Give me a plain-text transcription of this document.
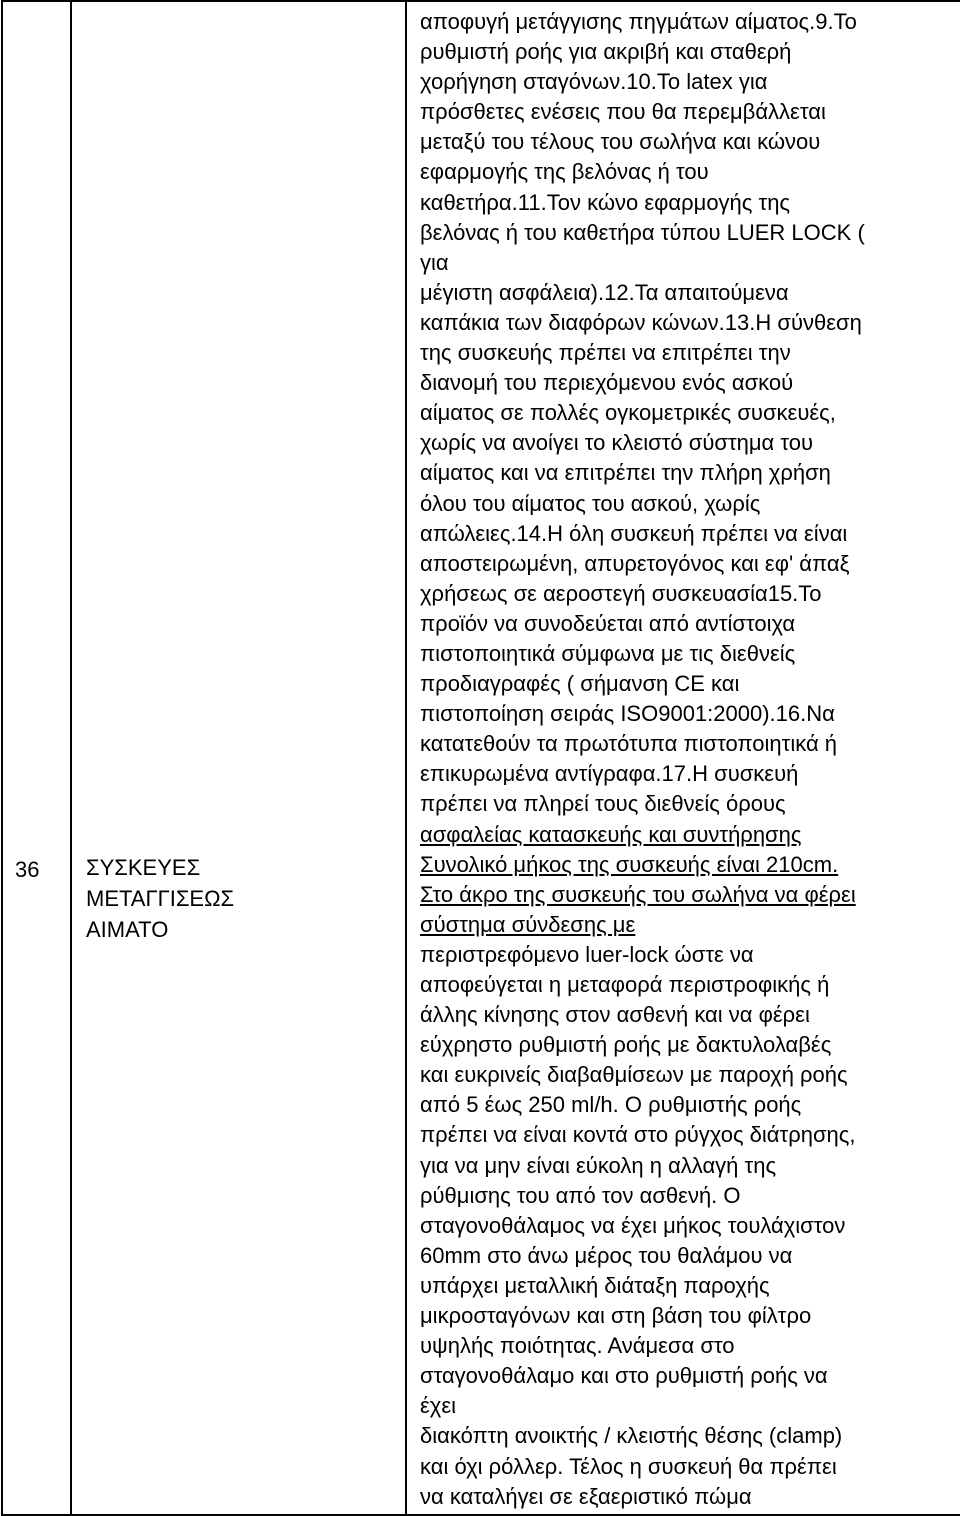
36	ΣΥΣΚΕΥΕΣ
ΜΕΤΑΓΓΙΣΕΩΣ
ΑΙΜΑΤΟ

αποφυγή μετάγγισης πηγμάτων αίματος.9.Το
ρυθμιστή ροής για ακριβή και σταθερή
χορήγηση σταγόνων.10.Το latex για
πρόσθετες ενέσεις που θα περεμβάλλεται
μεταξύ του τέλους του σωλήνα και κώνου
εφαρμογής της βελόνας ή του
καθετήρα.11.Τον κώνο εφαρμογής της
βελόνας ή του καθετήρα τύπου LUER LOCK (
για
μέγιστη ασφάλεια).12.Τα απαιτούμενα
καπάκια των διαφόρων κώνων.13.Η σύνθεση
της συσκευής πρέπει να επιτρέπει την
διανομή του περιεχόμενου ενός ασκού
αίματος σε πολλές ογκομετρικές συσκευές,
χωρίς να ανοίγει το κλειστό σύστημα του
αίματος και να επιτρέπει την πλήρη χρήση
όλου του αίματος του ασκού, χωρίς
απώλειες.14.Η όλη συσκευή πρέπει να είναι
αποστειρωμένη, απυρετογόνος και εφ' άπαξ
χρήσεως σε αεροστεγή συσκευασία15.Το
προϊόν να συνοδεύεται από αντίστοιχα
πιστοποιητικά σύμφωνα με τις διεθνείς
προδιαγραφές ( σήμανση CE και
πιστοποίηση σειράς ISO9001:2000).16.Να
κατατεθούν τα πρωτότυπα πιστοποιητικά ή
επικυρωμένα αντίγραφα.17.Η συσκευή
πρέπει να πληρεί τους διεθνείς όρους
ασφαλείας κατασκευής και συντήρησης
Συνολικό μήκος της συσκευής είναι 210cm.
Στο άκρο της συσκευής του σωλήνα να φέρει
σύστημα σύνδεσης με
περιστρεφόμενο luer-lock ώστε να
αποφεύγεται η μεταφορά περιστροφικής ή
άλλης κίνησης στον ασθενή και να φέρει
εύχρηστο ρυθμιστή ροής με δακτυλολαβές
και ευκρινείς διαβαθμίσεων με παροχή ροής
από 5 έως 250 ml/h. Ο ρυθμιστής ροής
πρέπει να είναι κοντά στο ρύγχος διάτρησης,
για να μην είναι εύκολη η αλλαγή της
ρύθμισης του από τον ασθενή. Ο
σταγονοθάλαμος να έχει μήκος τουλάχιστον
60mm στο άνω μέρος του θαλάμου να
υπάρχει μεταλλική διάταξη παροχής
μικροσταγόνων και στη βάση του φίλτρο
υψηλής ποιότητας. Ανάμεσα στο
σταγονοθάλαμο και στο ρυθμιστή ροής να
έχει
διακόπτη ανοικτής / κλειστής θέσης (clamp)
και όχι ρόλλερ. Τέλος η συσκευή θα πρέπει
να καταλήγει σε εξαεριστικό πώμα
